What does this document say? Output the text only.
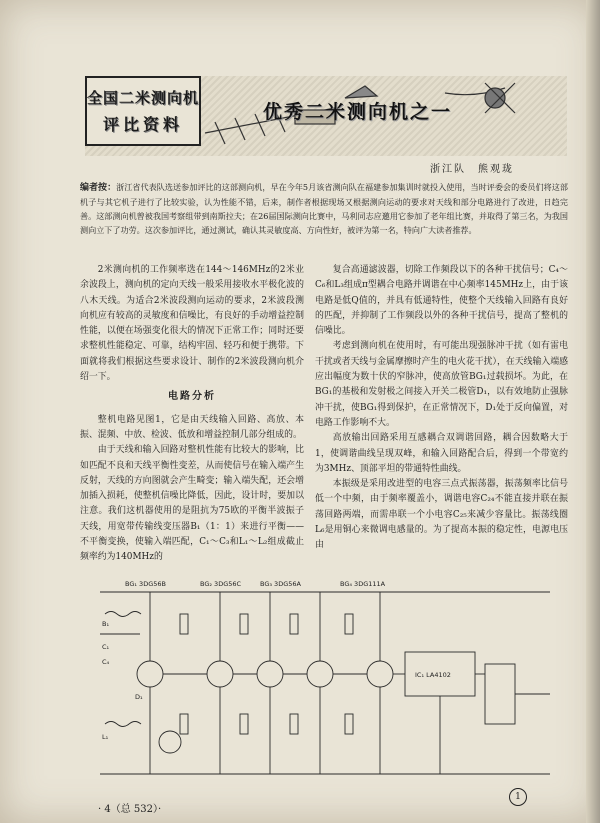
全国二米测向机
评比资料
优秀二米测向机之一
浙江队　熊观珑
编者按：浙江省代表队选送参加评比的这部测向机，早在今年5月该省测向队在福建参加集训时就投入使用，当时评委会的委员们将这部机子与其它机子进行了比较实验，认为性能不错，后来，制作者根据现场又根据测向运动的要求对天线和部分电路进行了改进，日趋完善。这部测向机曾被我国考察组带到南斯拉夫；在26届国际测向比赛中，马利同志应邀用它参加了老年组比赛，并取得了第三名，为我国测向立下了功劳。这次参加评比，通过测试，确认其灵敏度高、方向性好，被评为第一名，特向广大读者推荐。

2米测向机的工作频率选在144～146MHz的2米业余波段上，测向机的定向天线一般采用接收水平极化波的八木天线。为适合2米波段测向运动的要求，2米波段测向机应有较高的灵敏度和信噪比，有良好的手动增益控制性能，以便在场强变化很大的情况下正常工作；同时还要求整机性能稳定、可靠，结构牢固、轻巧和便于携带。下面就将我们根据这些要求设计、制作的2米波段测向机介绍一下。

电路分析

整机电路见图1，它是由天线输入回路、高放、本振、混频、中放、检波、低放和增益控制几部分组成的。

由于天线和输入回路对整机性能有比较大的影响，比如匹配不良和天线平衡性变差，从而使信号在输入端产生反射，天线的方向图就会产生畸变；输入端失配，还会增加插入损耗，使整机信噪比降低，因此，设计时，要加以注意。我们这机器使用的是阻抗为75欧的平衡半波振子天线，用宽带传输线变压器B₁（1：1）来进行平衡——不平衡变换，使输入端匹配，C₁～C₃和L₁～L₂组成截止频率约为140MHz的

复合高通滤波器，切除工作频段以下的各种干扰信号；C₄～C₆和L₃组成π型耦合电路并调谐在中心频率145MHz上，由于该电路是低Q值的，并具有低通特性，使整个天线输入回路有良好的匹配，并抑制了工作频段以外的各种干扰信号，提高了整机的信噪比。

考虑到测向机在使用时，有可能出现强脉冲干扰（如有雷电干扰或者天线与金属摩擦时产生的电火花干扰），在天线输入端感应出幅度为数十伏的窄脉冲，使高放管BG₁过载损坏。为此，在BG₁的基极和发射极之间接入开关二极管D₁，以有效地防止强脉冲干扰，使BG₁得到保护，在正常情况下，D₁处于反向偏置，对电路工作影响不大。

高放输出回路采用互感耦合双调谐回路，耦合因数略大于1，使调谐曲线呈现双峰，和输入回路配合后，得到一个带宽约为3MHz、顶部平坦的带通特性曲线。

本振级是采用改进型的电容三点式振荡器，振荡频率比信号低一个中频，由于频率覆盖小，调谐电容C₂₄不能直接并联在振荡回路两端，而需串联一个小电容C₂₅来减少容量比。振荡线圈L₆是用铜心来微调电感量的。为了提高本振的稳定性，电源电压由

BG₁ 3DG56B	BG₂ 3DG56C	BG₃ 3DG56A	BG₄ 3DG111A
IC₁ LA4102
B₁
D₁
C₁
C₄
L₁
1
· 4（总 532）·
